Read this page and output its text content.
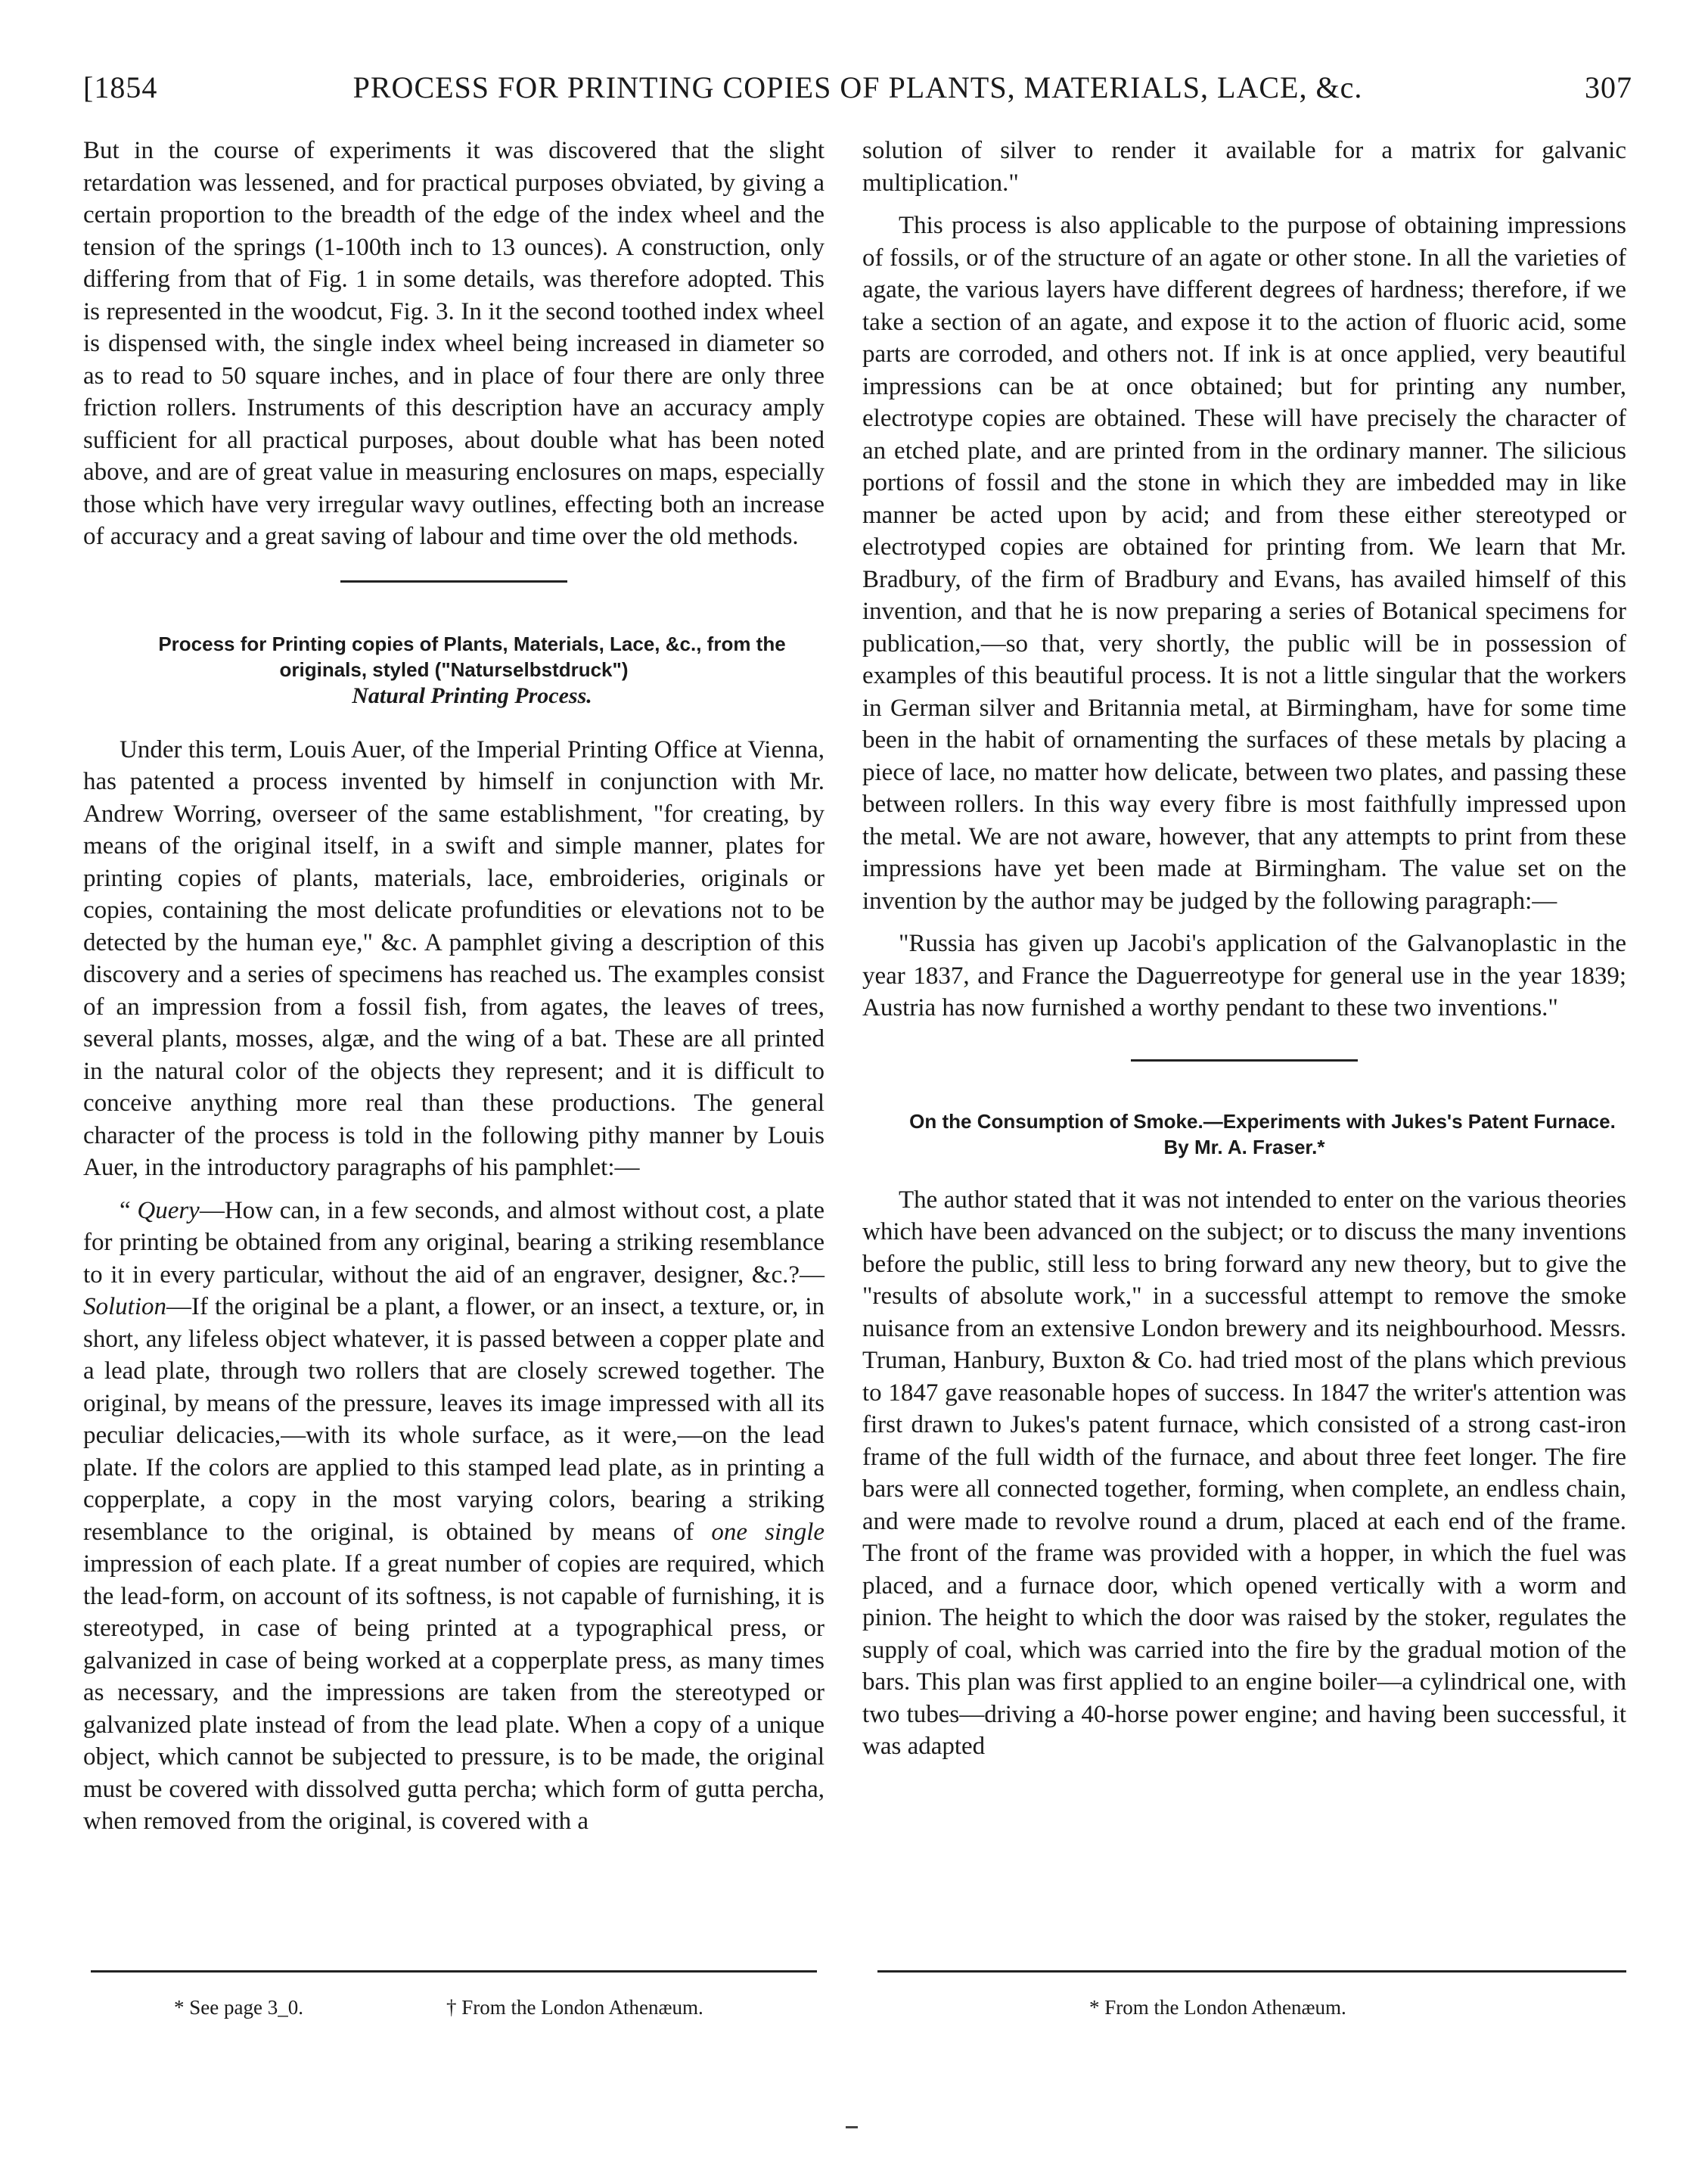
[1854	PROCESS FOR PRINTING COPIES OF PLANTS, MATERIALS, LACE, &c.	307

But in the course of experiments it was discovered that the slight retardation was lessened, and for practical purposes obviated, by giving a certain proportion to the breadth of the edge of the index wheel and the tension of the springs (1-100th inch to 13 ounces). A construction, only differing from that of Fig. 1 in some details, was therefore adopted. This is represented in the woodcut, Fig. 3. In it the second toothed index wheel is dispensed with, the single index wheel being increased in diameter so as to read to 50 square inches, and in place of four there are only three friction rollers. Instruments of this description have an accuracy amply sufficient for all practical purposes, about double what has been noted above, and are of great value in measuring enclosures on maps, especially those which have very irregular wavy outlines, effecting both an increase of accuracy and a great saving of labour and time over the old methods.

Process for Printing copies of Plants, Materials, Lace, &c., from the originals, styled ("Naturselbstdruck")

Natural Printing Process.

Under this term, Louis Auer, of the Imperial Printing Office at Vienna, has patented a process invented by himself in conjunction with Mr. Andrew Worring, overseer of the same establishment, "for creating, by means of the original itself, in a swift and simple manner, plates for printing copies of plants, materials, lace, embroideries, originals or copies, containing the most delicate profundities or elevations not to be detected by the human eye," &c. A pamphlet giving a description of this discovery and a series of specimens has reached us. The examples consist of an impression from a fossil fish, from agates, the leaves of trees, several plants, mosses, algæ, and the wing of a bat. These are all printed in the natural color of the objects they represent; and it is difficult to conceive anything more real than these productions. The general character of the process is told in the following pithy manner by Louis Auer, in the introductory paragraphs of his pamphlet:—

“ Query—How can, in a few seconds, and almost without cost, a plate for printing be obtained from any original, bearing a striking resemblance to it in every particular, without the aid of an engraver, designer, &c.?—Solution—If the original be a plant, a flower, or an insect, a texture, or, in short, any lifeless object whatever, it is passed between a copper plate and a lead plate, through two rollers that are closely screwed together. The original, by means of the pressure, leaves its image impressed with all its peculiar delicacies,—with its whole surface, as it were,—on the lead plate. If the colors are applied to this stamped lead plate, as in printing a copperplate, a copy in the most varying colors, bearing a striking resemblance to the original, is obtained by means of one single impression of each plate. If a great number of copies are required, which the lead-form, on account of its softness, is not capable of furnishing, it is stereotyped, in case of being printed at a typographical press, or galvanized in case of being worked at a copperplate press, as many times as necessary, and the impressions are taken from the stereotyped or galvanized plate instead of from the lead plate. When a copy of a unique object, which cannot be subjected to pressure, is to be made, the original must be covered with dissolved gutta percha; which form of gutta percha, when removed from the original, is covered with a

solution of silver to render it available for a matrix for galvanic multiplication."

This process is also applicable to the purpose of obtaining impressions of fossils, or of the structure of an agate or other stone. In all the varieties of agate, the various layers have different degrees of hardness; therefore, if we take a section of an agate, and expose it to the action of fluoric acid, some parts are corroded, and others not. If ink is at once applied, very beautiful impressions can be at once obtained; but for printing any number, electrotype copies are obtained. These will have precisely the character of an etched plate, and are printed from in the ordinary manner. The silicious portions of fossil and the stone in which they are imbedded may in like manner be acted upon by acid; and from these either stereotyped or electrotyped copies are obtained for printing from. We learn that Mr. Bradbury, of the firm of Bradbury and Evans, has availed himself of this invention, and that he is now preparing a series of Botanical specimens for publication,—so that, very shortly, the public will be in possession of examples of this beautiful process. It is not a little singular that the workers in German silver and Britannia metal, at Birmingham, have for some time been in the habit of ornamenting the surfaces of these metals by placing a piece of lace, no matter how delicate, between two plates, and passing these between rollers. In this way every fibre is most faithfully impressed upon the metal. We are not aware, however, that any attempts to print from these impressions have yet been made at Birmingham. The value set on the invention by the author may be judged by the following paragraph:—

"Russia has given up Jacobi's application of the Galvanoplastic in the year 1837, and France the Daguerreotype for general use in the year 1839; Austria has now furnished a worthy pendant to these two inventions."

On the Consumption of Smoke.—Experiments with Jukes's Patent Furnace. By Mr. A. Fraser.*

The author stated that it was not intended to enter on the various theories which have been advanced on the subject; or to discuss the many inventions before the public, still less to bring forward any new theory, but to give the "results of absolute work," in a successful attempt to remove the smoke nuisance from an extensive London brewery and its neighbourhood. Messrs. Truman, Hanbury, Buxton & Co. had tried most of the plans which previous to 1847 gave reasonable hopes of success. In 1847 the writer's attention was first drawn to Jukes's patent furnace, which consisted of a strong cast-iron frame of the full width of the furnace, and about three feet longer. The fire bars were all connected together, forming, when complete, an endless chain, and were made to revolve round a drum, placed at each end of the frame. The front of the frame was provided with a hopper, in which the fuel was placed, and a furnace door, which opened vertically with a worm and pinion. The height to which the door was raised by the stoker, regulates the supply of coal, which was carried into the fire by the gradual motion of the bars. This plan was first applied to an engine boiler—a cylindrical one, with two tubes—driving a 40-horse power engine; and having been successful, it was adapted

* See page 3_0.	† From the London Athenæum.	* From the London Athenæum.
